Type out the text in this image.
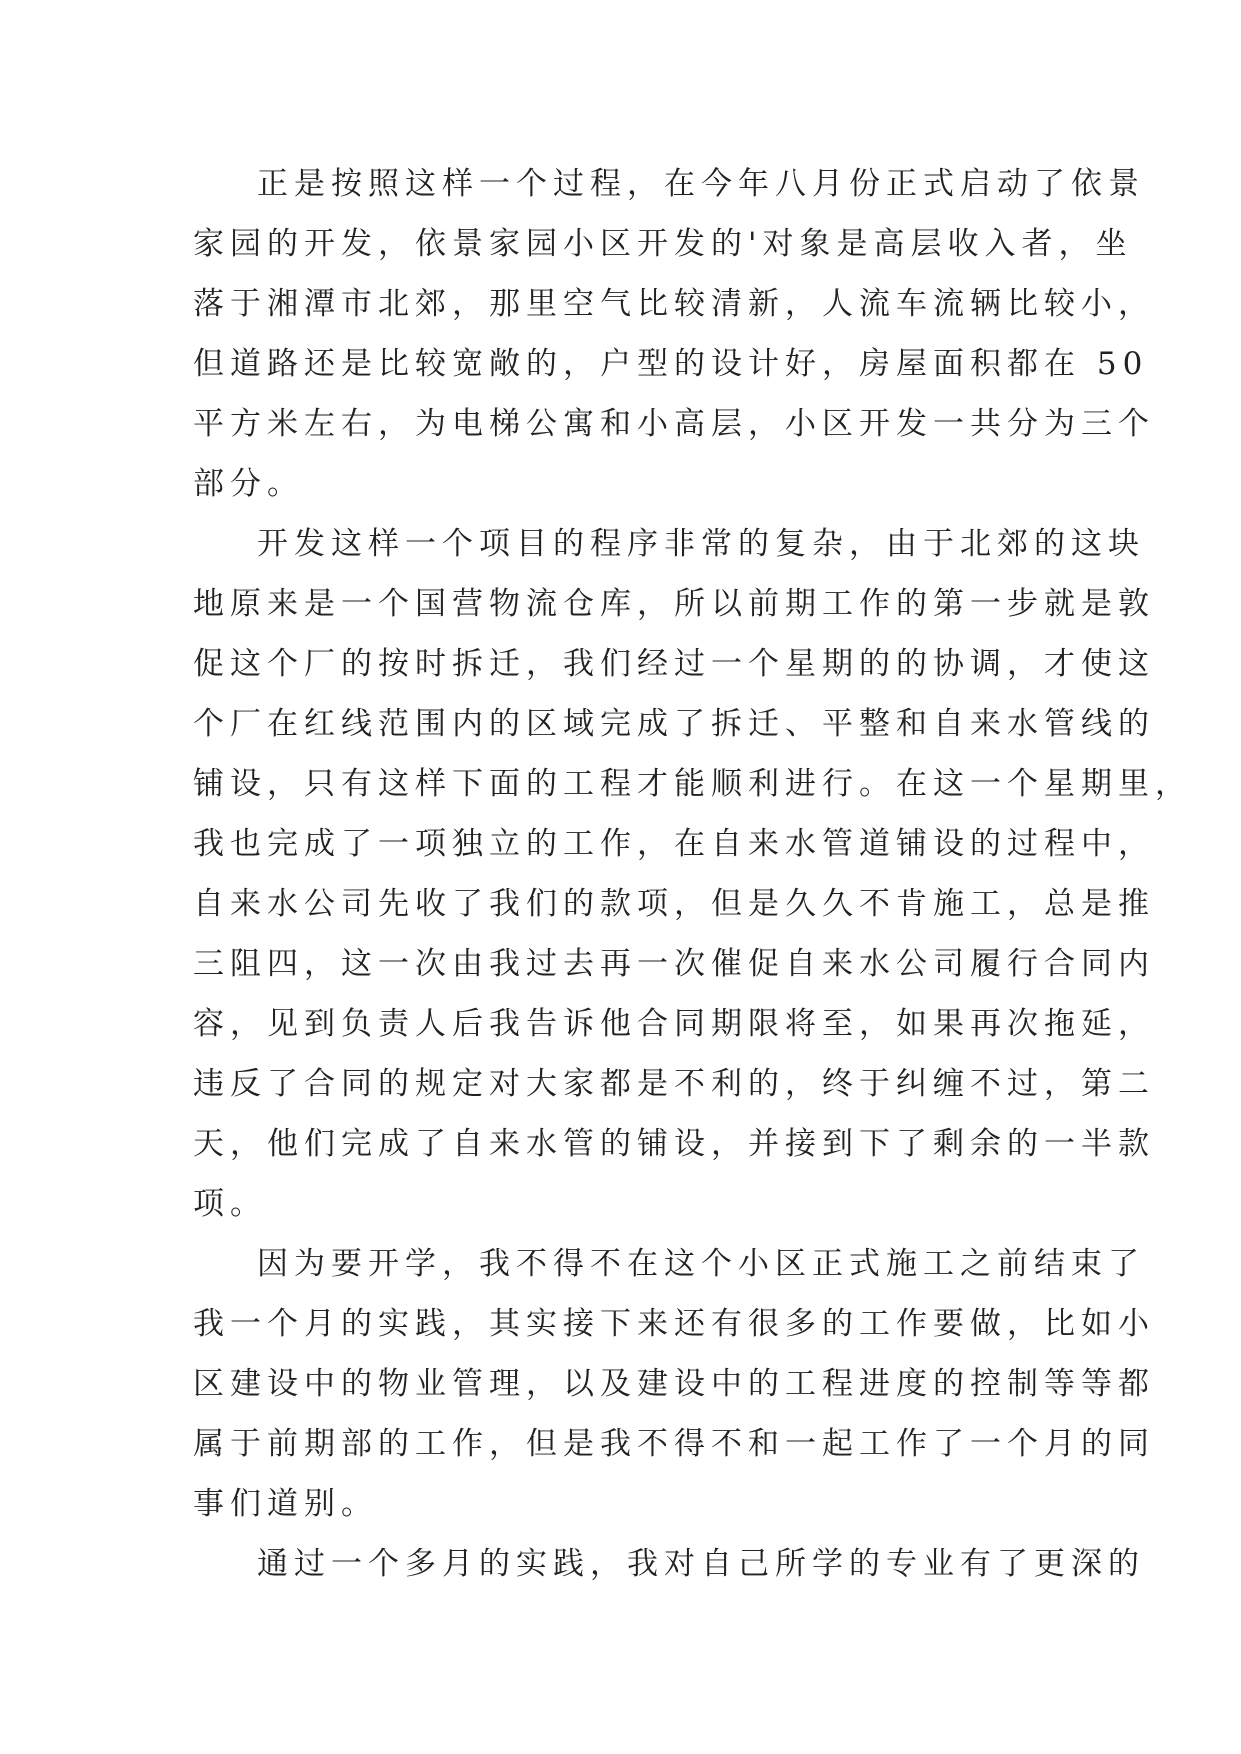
正是按照这样一个过程，在今年八月份正式启动了依景
家园的开发，依景家园小区开发的'对象是高层收入者，坐
落于湘潭市北郊，那里空气比较清新，人流车流辆比较小，
但道路还是比较宽敞的，户型的设计好，房屋面积都在 50
平方米左右，为电梯公寓和小高层，小区开发一共分为三个
部分。
开发这样一个项目的程序非常的复杂，由于北郊的这块
地原来是一个国营物流仓库，所以前期工作的第一步就是敦
促这个厂的按时拆迁，我们经过一个星期的的协调，才使这
个厂在红线范围内的区域完成了拆迁、平整和自来水管线的
铺设，只有这样下面的工程才能顺利进行。在这一个星期里，
我也完成了一项独立的工作，在自来水管道铺设的过程中，
自来水公司先收了我们的款项，但是久久不肯施工，总是推
三阻四，这一次由我过去再一次催促自来水公司履行合同内
容，见到负责人后我告诉他合同期限将至，如果再次拖延，
违反了合同的规定对大家都是不利的，终于纠缠不过，第二
天，他们完成了自来水管的铺设，并接到下了剩余的一半款
项。
因为要开学，我不得不在这个小区正式施工之前结束了
我一个月的实践，其实接下来还有很多的工作要做，比如小
区建设中的物业管理，以及建设中的工程进度的控制等等都
属于前期部的工作，但是我不得不和一起工作了一个月的同
事们道别。
通过一个多月的实践，我对自己所学的专业有了更深的
